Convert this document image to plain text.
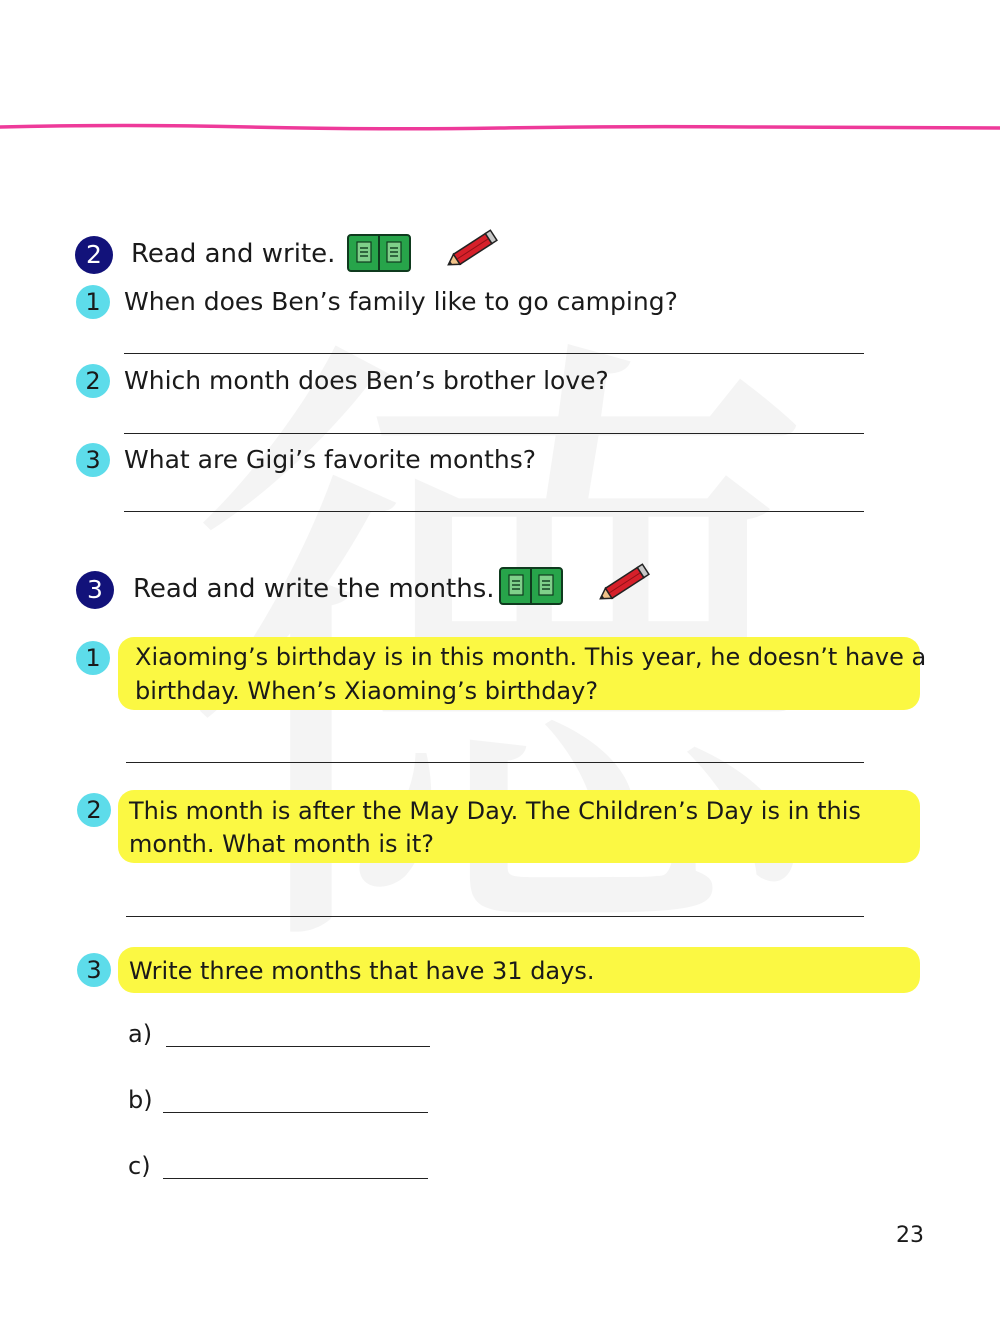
2	Read and write.
1 When does Ben’s family like to go camping?
2 Which month does Ben’s brother love?
3 What are Gigi’s favorite months?
3	Read and write the months.
1	Xiaoming’s birthday is in this month. This year, he doesn’t have a
birthday. When’s Xiaoming’s birthday?
2	This month is after the May Day. The Children’s Day is in this
month. What month is it?
3	Write three months that have 31 days.
a)
b)
c)
23
